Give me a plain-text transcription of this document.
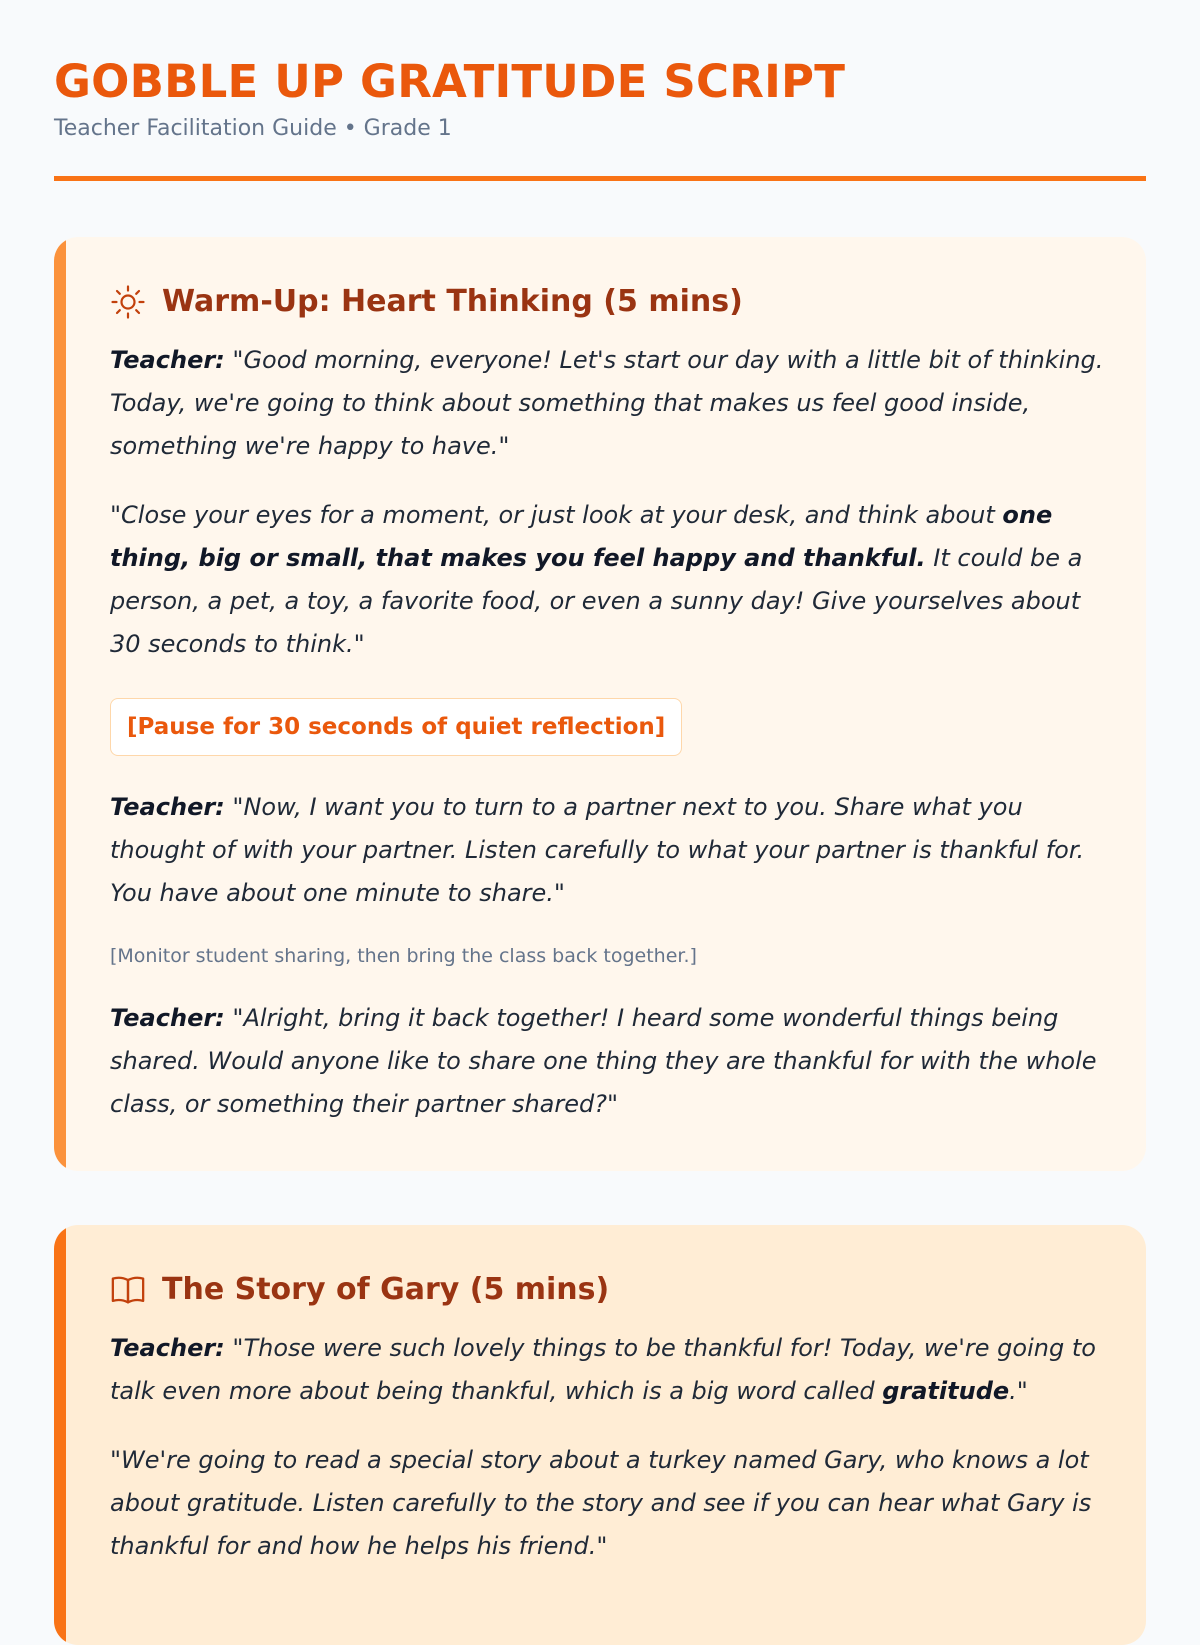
GOBBLE UP GRATITUDE SCRIPT
Teacher Facilitation Guide • Grade 1
Warm-Up: Heart Thinking (5 mins)

Teacher: "Good morning, everyone! Let's start our day with a little bit of thinking. Today, we're going to think about something that makes us feel good inside, something we're happy to have."

"Close your eyes for a moment, or just look at your desk, and think about one thing, big or small, that makes you feel happy and thankful. It could be a person, a pet, a toy, a favorite food, or even a sunny day! Give yourselves about 30 seconds to think."

[Pause for 30 seconds of quiet reflection]

Teacher: "Now, I want you to turn to a partner next to you. Share what you thought of with your partner. Listen carefully to what your partner is thankful for. You have about one minute to share."

[Monitor student sharing, then bring the class back together.]

Teacher: "Alright, bring it back together! I heard some wonderful things being shared. Would anyone like to share one thing they are thankful for with the whole class, or something their partner shared?"

The Story of Gary (5 mins)

Teacher: "Those were such lovely things to be thankful for! Today, we're going to talk even more about being thankful, which is a big word called gratitude."

"We're going to read a special story about a turkey named Gary, who knows a lot about gratitude. Listen carefully to the story and see if you can hear what Gary is thankful for and how he helps his friend."
